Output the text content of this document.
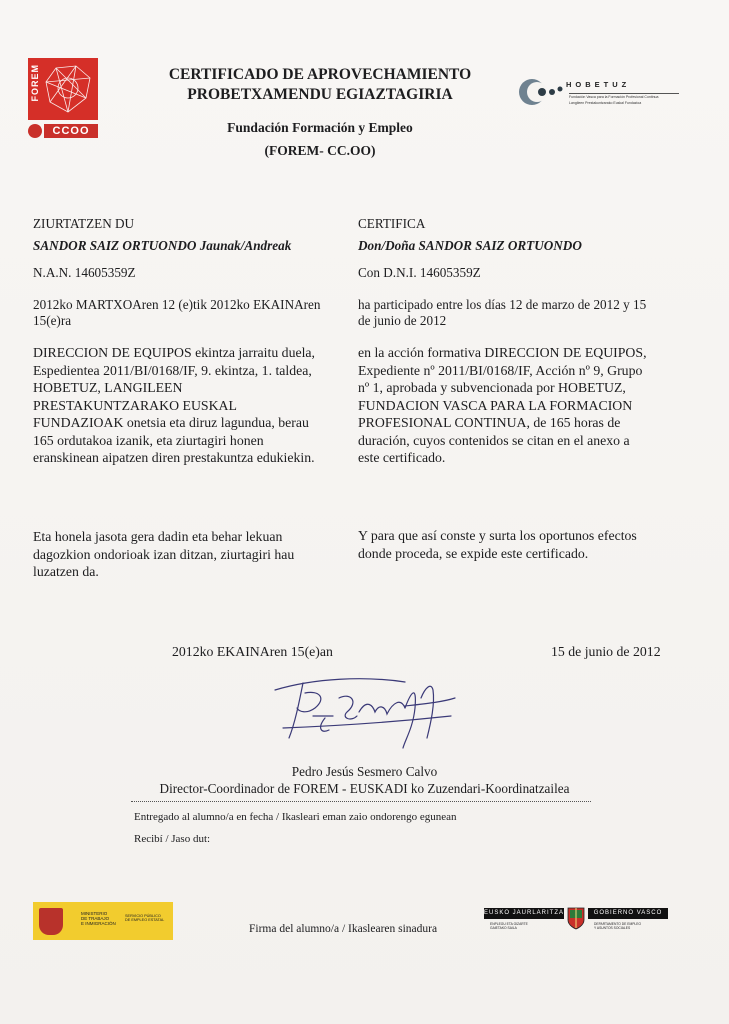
FOREM
CCOO
CERTIFICADO DE APROVECHAMIENTO
PROBETXAMENDU EGIAZTAGIRIA
Fundación Formación y Empleo
(FOREM- CC.OO)
HOBETUZ
Fundación Vasca para la Formación Profesional Continua
Langileen Prestakuntzarako Euskal Fundazioa
ZIURTATZEN DU
SANDOR SAIZ ORTUONDO Jaunak/Andreak
N.A.N. 14605359Z
2012ko MARTXOAren 12 (e)tik 2012ko EKAINAren
15(e)ra
DIRECCION DE EQUIPOS ekintza jarraitu duela,
Espedientea 2011/BI/0168/IF, 9. ekintza, 1. taldea,
HOBETUZ, LANGILEEN
PRESTAKUNTZARAKO EUSKAL
FUNDAZIOAK onetsia eta diruz lagundua, berau
165 ordutakoa izanik, eta ziurtagiri honen
eranskinean aipatzen diren prestakuntza edukiekin.
Eta honela jasota gera dadin eta behar lekuan
dagozkion ondorioak izan ditzan, ziurtagiri hau
luzatzen da.
2012ko EKAINAren 15(e)an
CERTIFICA
Don/Doña SANDOR SAIZ ORTUONDO
Con D.N.I. 14605359Z
ha participado entre los días 12 de marzo de 2012 y 15
de junio de 2012
en la acción formativa DIRECCION DE EQUIPOS,
Expediente nº 2011/BI/0168/IF, Acción nº 9, Grupo
nº 1, aprobada y subvencionada por HOBETUZ,
FUNDACION VASCA PARA LA FORMACION
PROFESIONAL CONTINUA, de 165 horas de
duración, cuyos contenidos se citan en el anexo a
este certificado.
Y para que así conste y surta los oportunos efectos
donde proceda, se expide este certificado.
15 de junio de 2012
Pedro Jesús Sesmero Calvo
Director-Coordinador de FOREM - EUSKADI ko Zuzendari-Koordinatzailea
Entregado al alumno/a en fecha / Ikasleari eman zaio ondorengo egunean
Recibí / Jaso dut:
Firma del alumno/a / Ikaslearen sinadura
MINISTERIO
DE TRABAJO
E INMIGRACIÓN
SERVICIO PÚBLICO
DE EMPLEO ESTATAL
EUSKO JAURLARITZA	GOBIERNO VASCO
ENPLEGU ETA GIZARTE
GAIETAKO SAILA
DEPARTAMENTO DE EMPLEO
Y ASUNTOS SOCIALES
